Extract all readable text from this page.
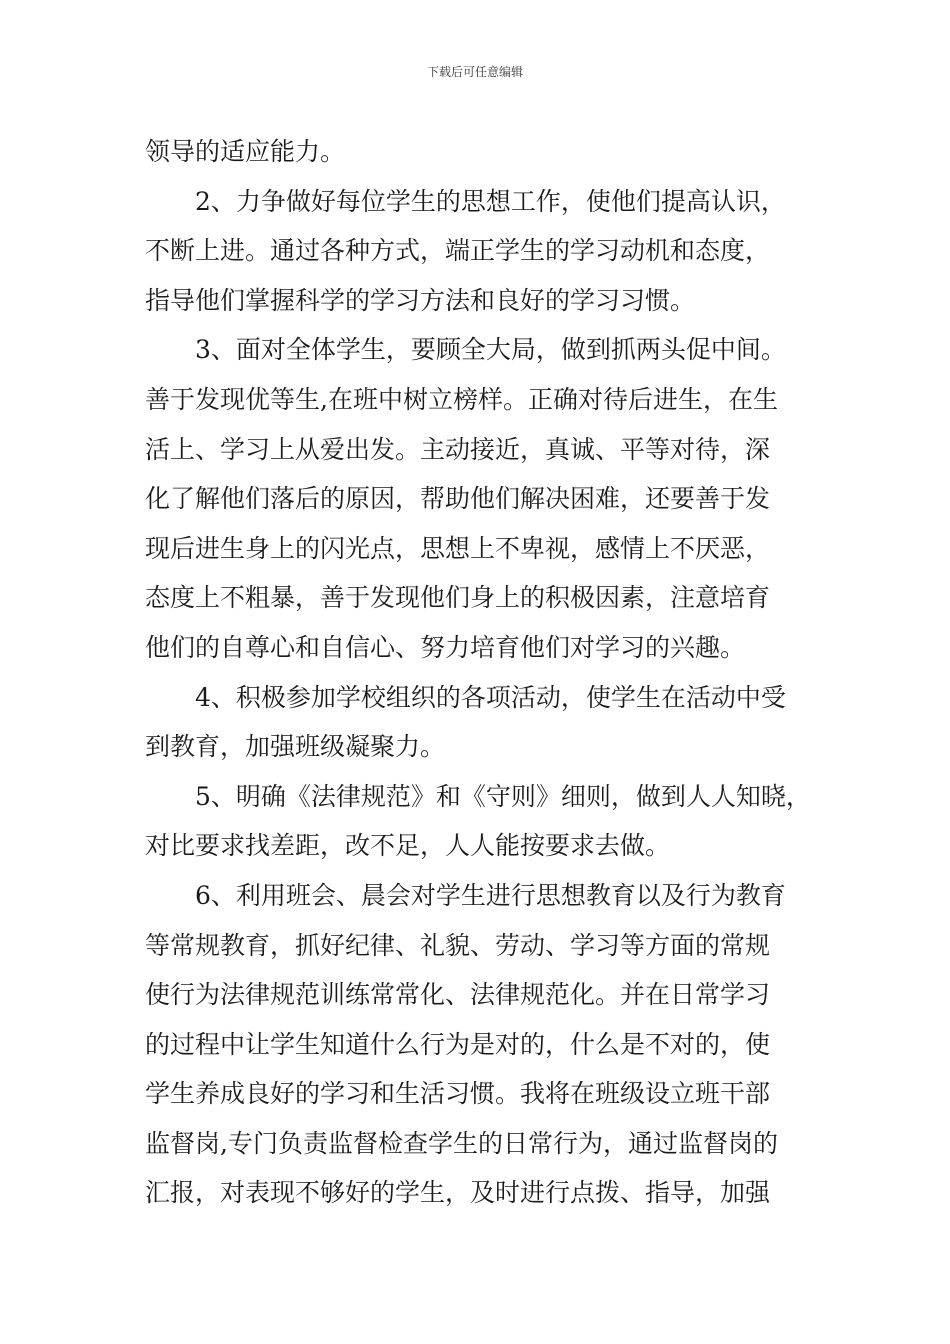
下载后可任意编辑
领导的适应能力。
2、力争做好每位学生的思想工作，使他们提高认识，
不断上进。通过各种方式，端正学生的学习动机和态度，
指导他们掌握科学的学习方法和良好的学习习惯。
3、面对全体学生，要顾全大局，做到抓两头促中间。
善于发现优等生,在班中树立榜样。正确对待后进生，在生
活上、学习上从爱出发。主动接近，真诚、平等对待，深
化了解他们落后的原因，帮助他们解决困难，还要善于发
现后进生身上的闪光点，思想上不卑视，感情上不厌恶，
态度上不粗暴，善于发现他们身上的积极因素，注意培育
他们的自尊心和自信心、努力培育他们对学习的兴趣。
4、积极参加学校组织的各项活动，使学生在活动中受
到教育，加强班级凝聚力。
5、明确《法律规范》和《守则》细则，做到人人知晓，
对比要求找差距，改不足，人人能按要求去做。
6、利用班会、晨会对学生进行思想教育以及行为教育
等常规教育，抓好纪律、礼貌、劳动、学习等方面的常规
使行为法律规范训练常常化、法律规范化。并在日常学习
的过程中让学生知道什么行为是对的，什么是不对的，使
学生养成良好的学习和生活习惯。我将在班级设立班干部
监督岗,专门负责监督检查学生的日常行为，通过监督岗的
汇报，对表现不够好的学生，及时进行点拨、指导，加强
